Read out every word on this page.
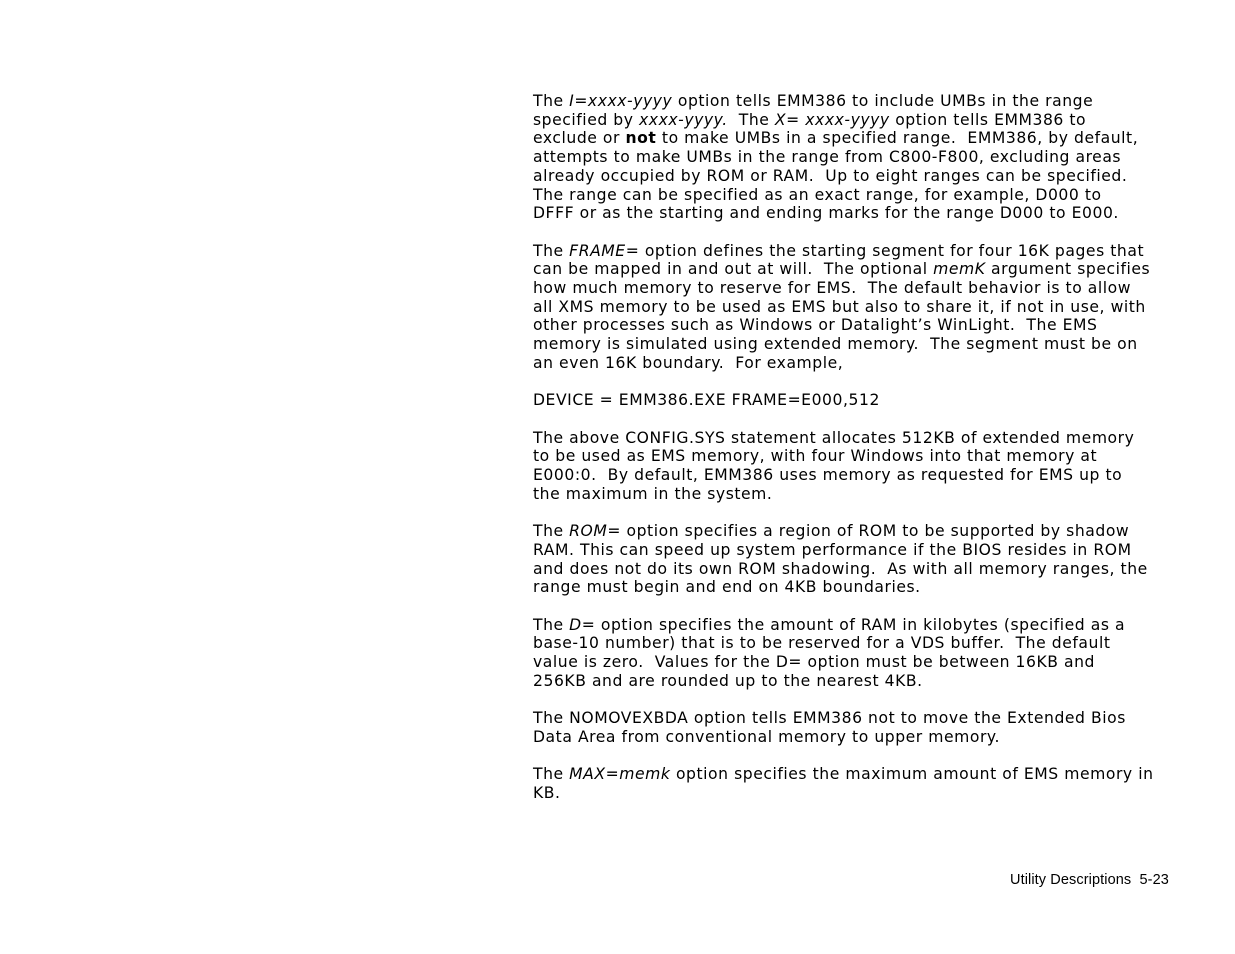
The I=xxxx-yyyy option tells EMM386 to include UMBs in the range
specified by xxxx-yyyy.  The X= xxxx-yyyy option tells EMM386 to
exclude or not to make UMBs in a specified range.  EMM386, by default,
attempts to make UMBs in the range from C800-F800, excluding areas
already occupied by ROM or RAM.  Up to eight ranges can be specified.
The range can be specified as an exact range, for example, D000 to
DFFF or as the starting and ending marks for the range D000 to E000.
The FRAME= option defines the starting segment for four 16K pages that
can be mapped in and out at will.  The optional memK argument specifies
how much memory to reserve for EMS.  The default behavior is to allow
all XMS memory to be used as EMS but also to share it, if not in use, with
other processes such as Windows or Datalight’s WinLight.  The EMS
memory is simulated using extended memory.  The segment must be on
an even 16K boundary.  For example,
DEVICE = EMM386.EXE FRAME=E000,512
The above CONFIG.SYS statement allocates 512KB of extended memory
to be used as EMS memory, with four Windows into that memory at
E000:0.  By default, EMM386 uses memory as requested for EMS up to
the maximum in the system.
The ROM= option specifies a region of ROM to be supported by shadow
RAM. This can speed up system performance if the BIOS resides in ROM
and does not do its own ROM shadowing.  As with all memory ranges, the
range must begin and end on 4KB boundaries.
The D= option specifies the amount of RAM in kilobytes (specified as a
base-10 number) that is to be reserved for a VDS buffer.  The default
value is zero.  Values for the D= option must be between 16KB and
256KB and are rounded up to the nearest 4KB.
The NOMOVEXBDA option tells EMM386 not to move the Extended Bios
Data Area from conventional memory to upper memory.
The MAX=memk option specifies the maximum amount of EMS memory in
KB.
Utility Descriptions 5-23
